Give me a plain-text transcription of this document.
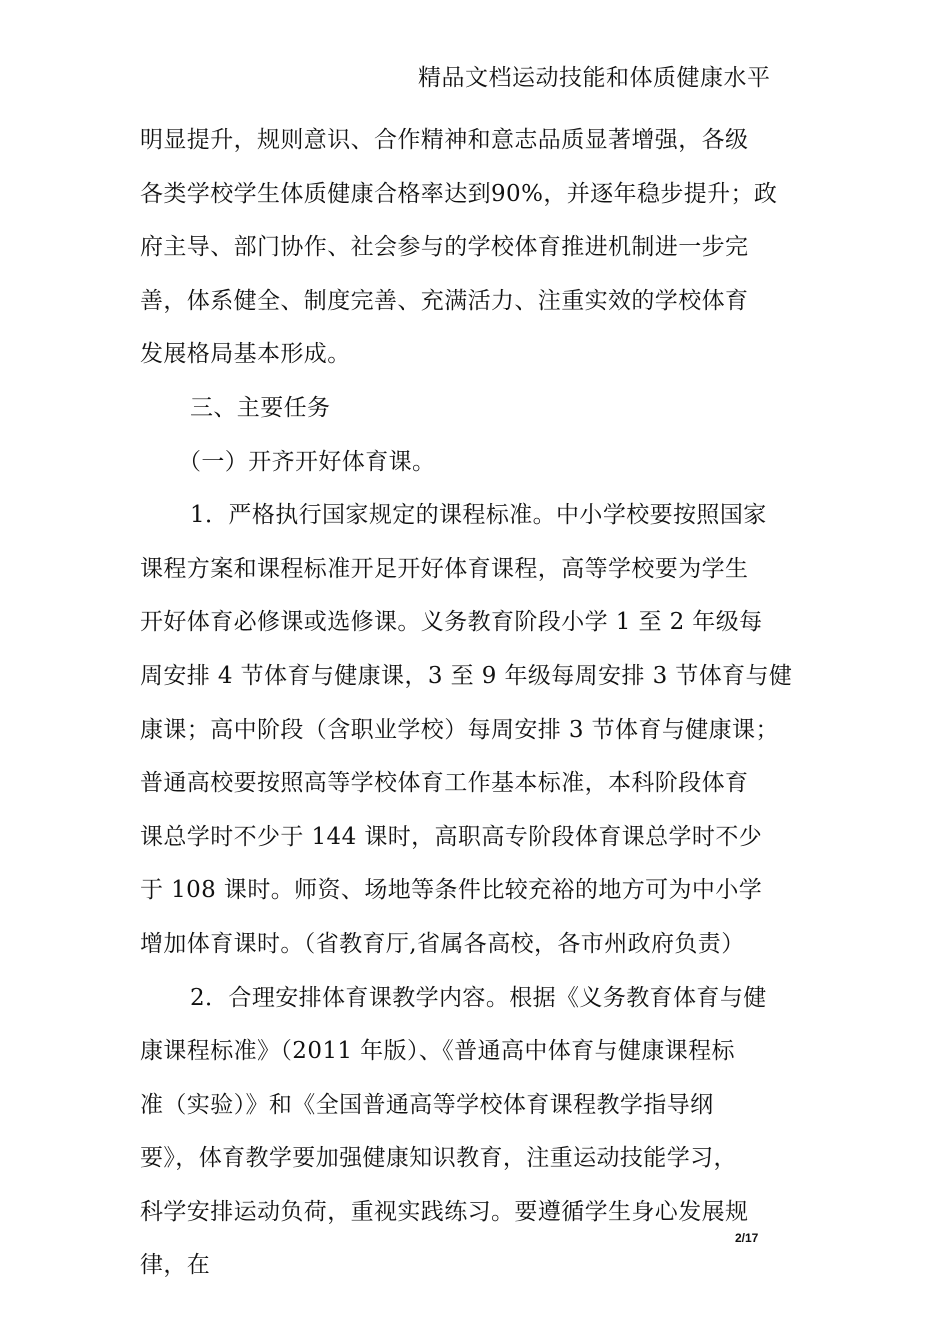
精品文档运动技能和体质健康水平
明显提升，规则意识、合作精神和意志品质显著增强，各级
各类学校学生体质健康合格率达到90%，并逐年稳步提升；政
府主导、部门协作、社会参与的学校体育推进机制进一步完
善，体系健全、制度完善、充满活力、注重实效的学校体育
发展格局基本形成。
三、主要任务
（一）开齐开好体育课。
1．严格执行国家规定的课程标准。中小学校要按照国家
课程方案和课程标准开足开好体育课程，高等学校要为学生
开好体育必修课或选修课。义务教育阶段小学 1 至 2 年级每
周安排 4 节体育与健康课，3 至 9 年级每周安排 3 节体育与健
康课；高中阶段（含职业学校）每周安排 3 节体育与健康课；
普通高校要按照高等学校体育工作基本标准，本科阶段体育
课总学时不少于 144 课时，高职高专阶段体育课总学时不少
于 108 课时。师资、场地等条件比较充裕的地方可为中小学
增加体育课时。（省教育厅,省属各高校，各市州政府负责）
2．合理安排体育课教学内容。根据《义务教育体育与健
康课程标准》（2011 年版）、《普通高中体育与健康课程标
准（实验）》和《全国普通高等学校体育课程教学指导纲
要》，体育教学要加强健康知识教育，注重运动技能学习，
科学安排运动负荷，重视实践练习。要遵循学生身心发展规
律，在
2/17
